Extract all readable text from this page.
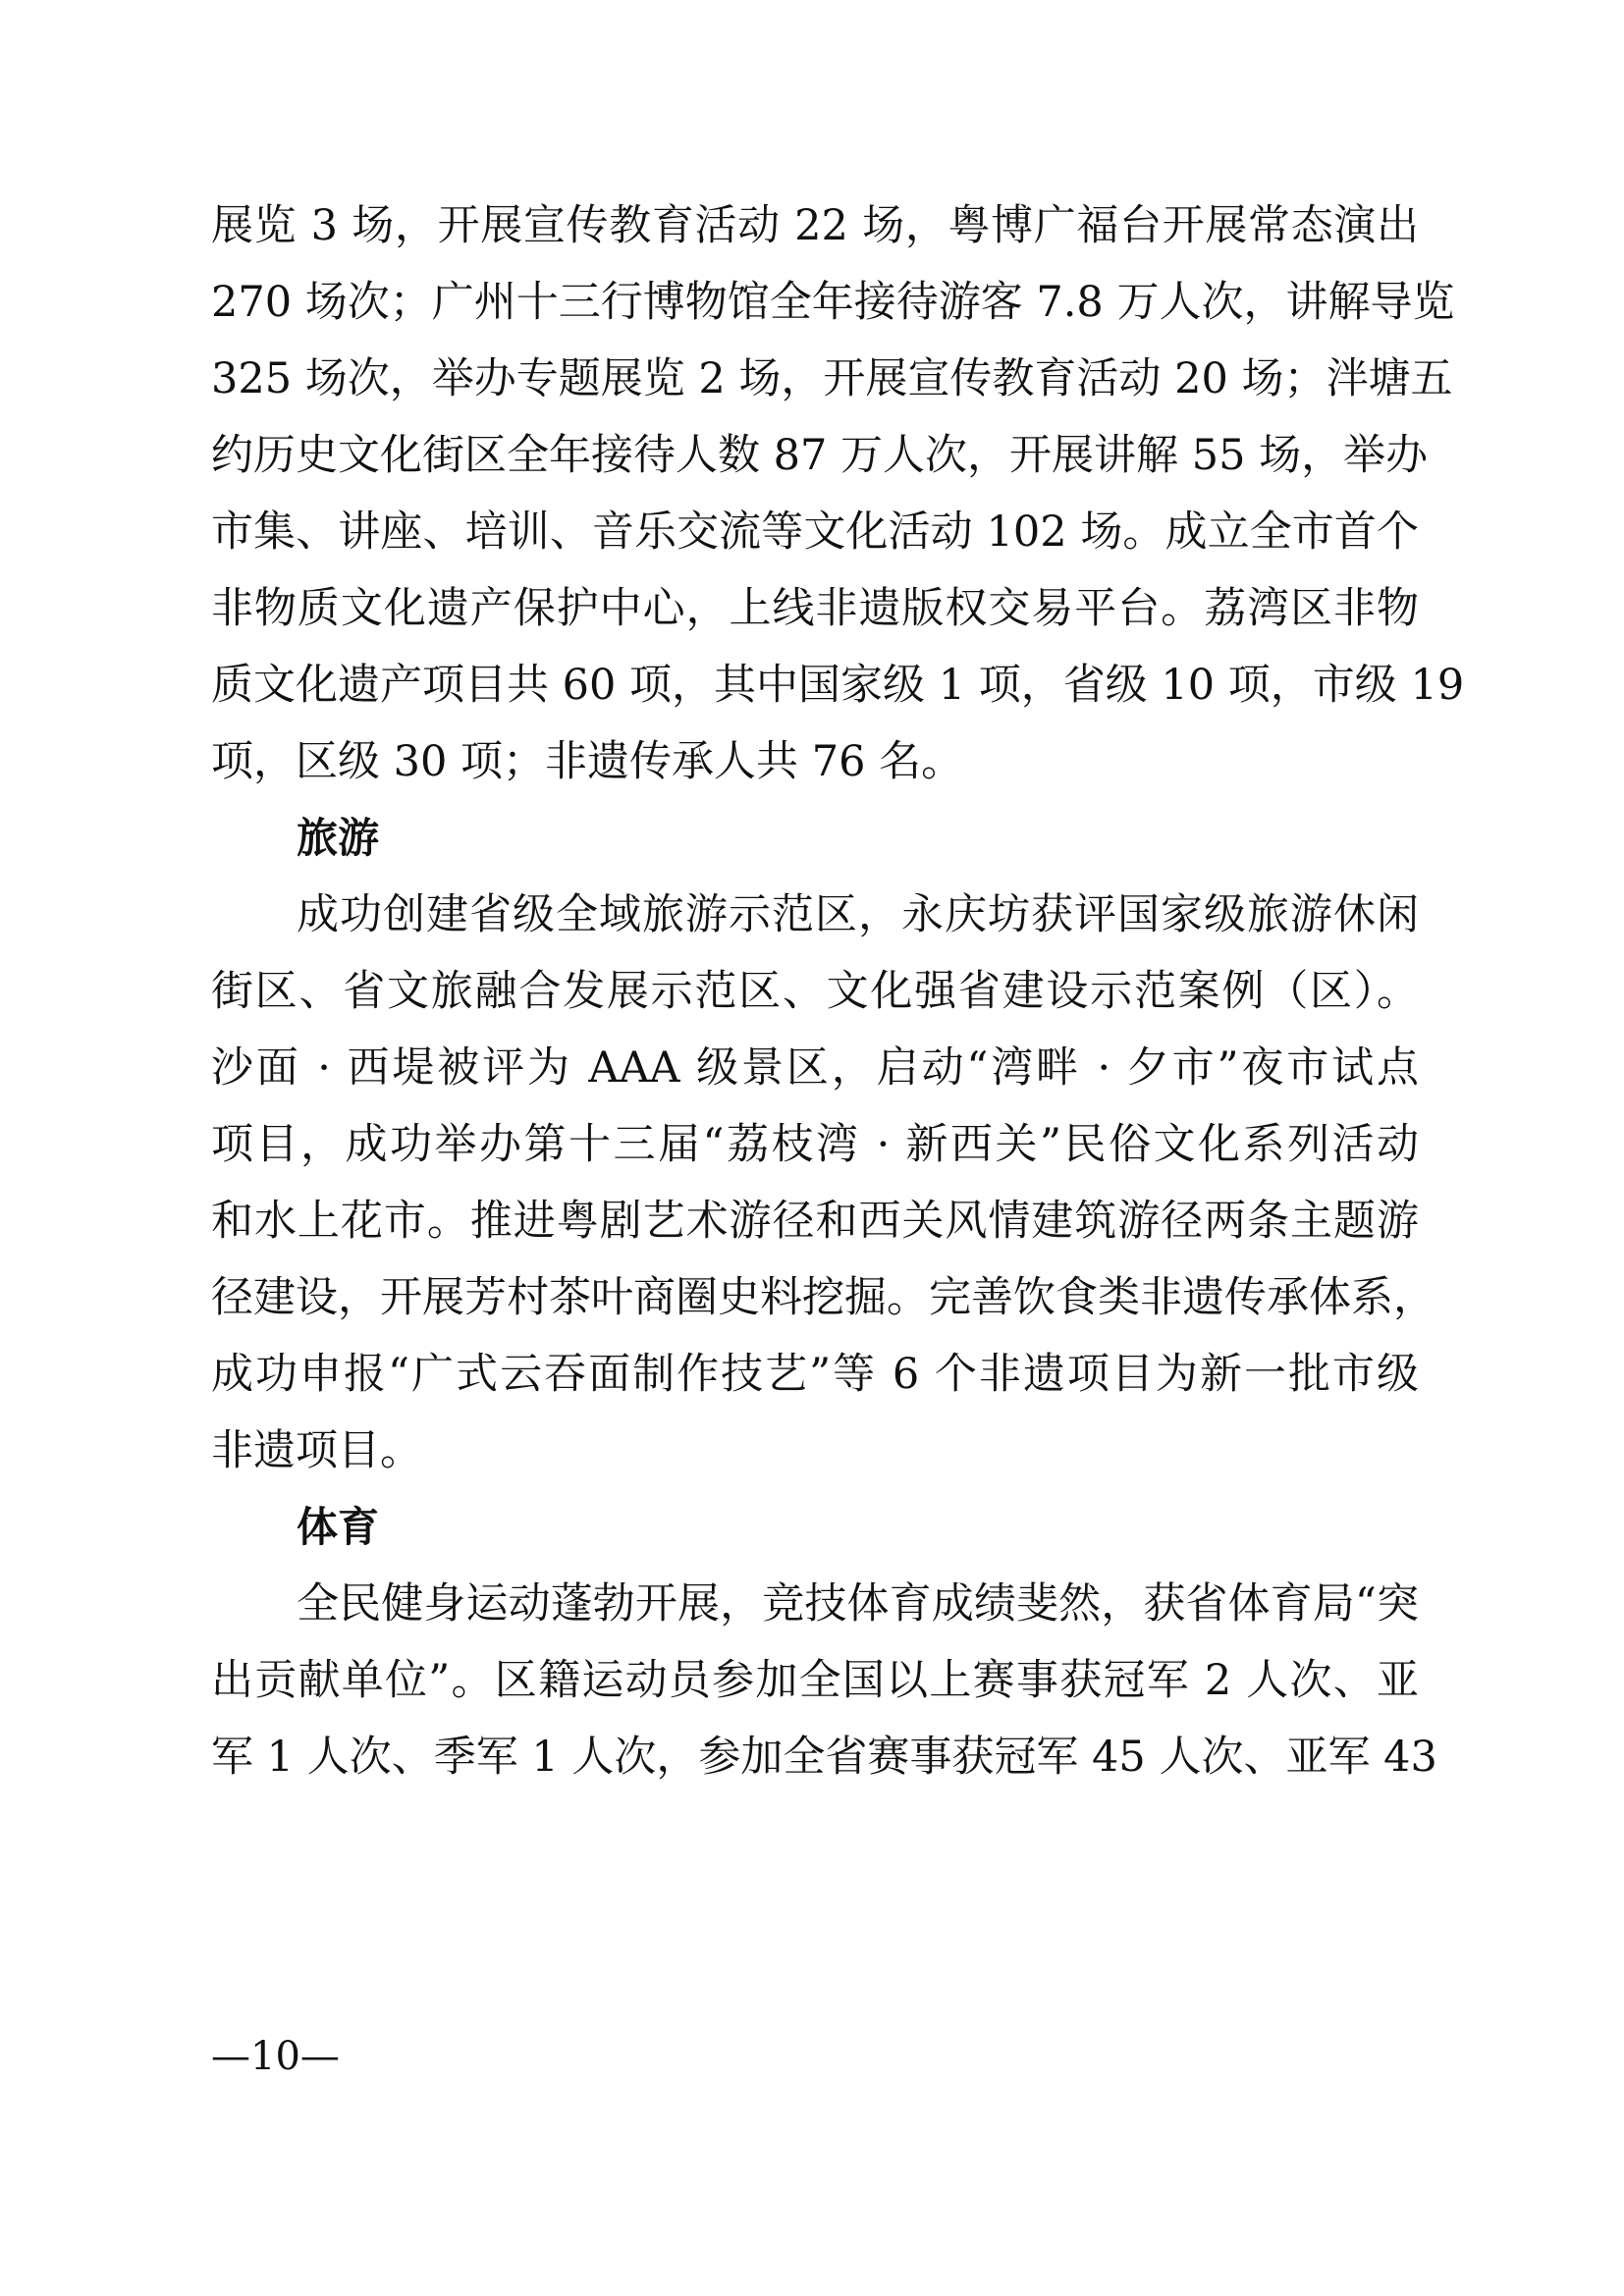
展览 3 场，开展宣传教育活动 22 场，粤博广福台开展常态演出
270 场次；广州十三行博物馆全年接待游客 7.8 万人次，讲解导览
325 场次，举办专题展览 2 场，开展宣传教育活动 20 场；泮塘五
约历史文化街区全年接待人数 87 万人次，开展讲解 55 场，举办
市集、讲座、培训、音乐交流等文化活动 102 场。成立全市首个
非物质文化遗产保护中心，上线非遗版权交易平台。荔湾区非物
质文化遗产项目共 60 项，其中国家级 1 项，省级 10 项，市级 19
项，区级 30 项；非遗传承人共 76 名。
旅游
成功创建省级全域旅游示范区，永庆坊获评国家级旅游休闲
街区、省文旅融合发展示范区、文化强省建设示范案例（区）。
沙面 · 西堤被评为 AAA 级景区，启动“湾畔 · 夕市”夜市试点
项目，成功举办第十三届“荔枝湾 · 新西关”民俗文化系列活动
和水上花市。推进粤剧艺术游径和西关风情建筑游径两条主题游
径建设，开展芳村茶叶商圈史料挖掘。完善饮食类非遗传承体系，
成功申报“广式云吞面制作技艺”等 6 个非遗项目为新一批市级
非遗项目。
体育
全民健身运动蓬勃开展，竞技体育成绩斐然，获省体育局“突
出贡献单位”。区籍运动员参加全国以上赛事获冠军 2 人次、亚
军 1 人次、季军 1 人次，参加全省赛事获冠军 45 人次、亚军 43
—10—
